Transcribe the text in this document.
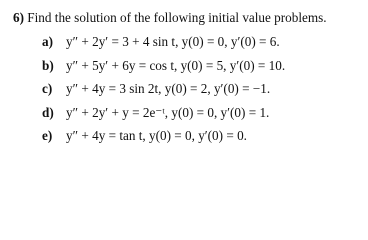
6) Find the solution of the following initial value problems.
a) y″ + 2y′ = 3 + 4 sin t, y(0) = 0, y′(0) = 6.
b) y″ + 5y′ + 6y = cos t, y(0) = 5, y′(0) = 10.
c)	y″ + 4y = 3 sin 2t, y(0) = 2, y′(0) = −1.
d) y″ + 2y′ + y = 2e⁻ᵗ, y(0) = 0, y′(0) = 1.
e)	y″ + 4y = tan t, y(0) = 0, y′(0) = 0.
